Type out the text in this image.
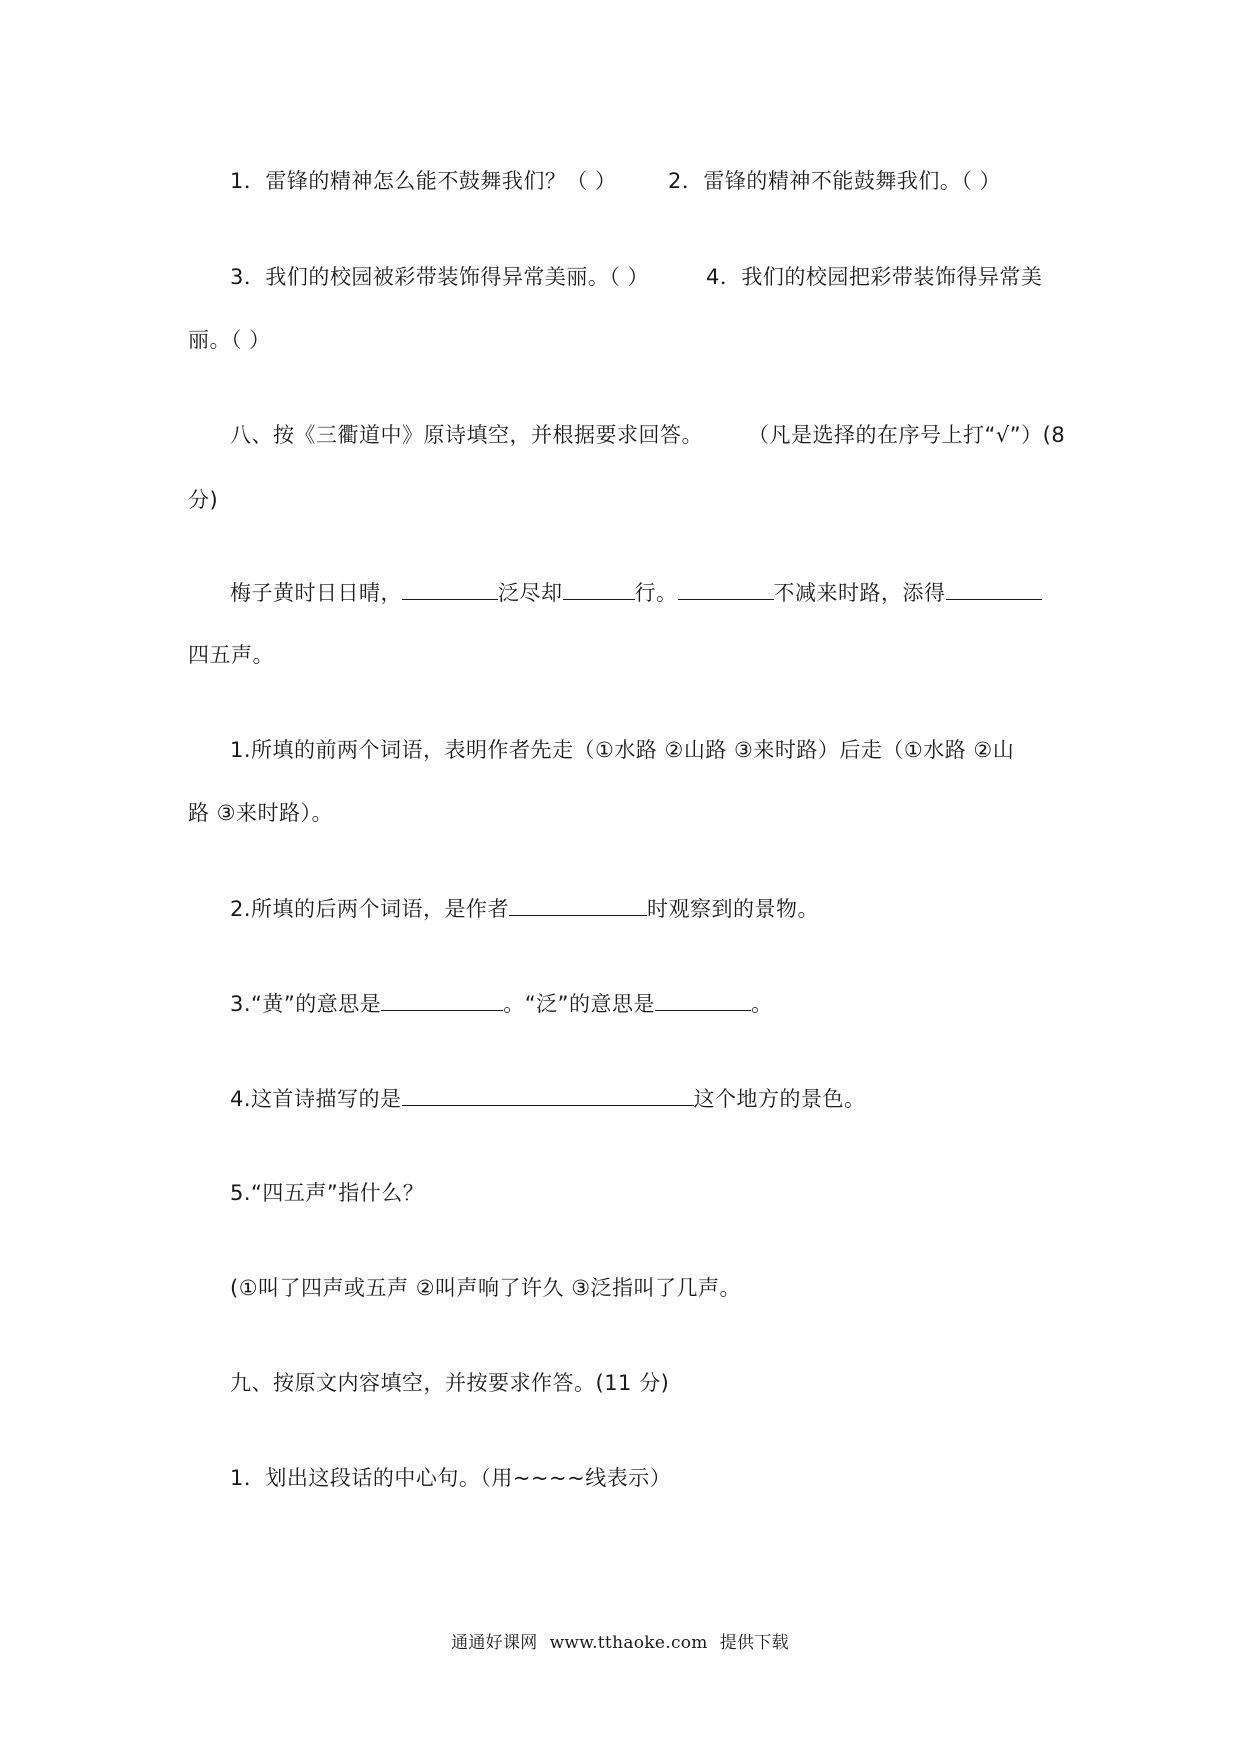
1．雷锋的精神怎么能不鼓舞我们？（ ） 2．雷锋的精神不能鼓舞我们。（ ）
3．我们的校园被彩带装饰得异常美丽。（ ）	4．我们的校园把彩带装饰得异常美
丽。（ ）
八、按《三衢道中》原诗填空，并根据要求回答。 （凡是选择的在序号上打“√”）(8
分)
梅子黄时日日晴，	泛尽却	行。	不减来时路，添得
四五声。
1.所填的前两个词语，表明作者先走（①水路 ②山路 ③来时路）后走（①水路 ②山
路 ③来时路）。
2.所填的后两个词语，是作者	时观察到的景物。
3.“黄”的意思是	。“泛”的意思是	。
4.这首诗描写的是	这个地方的景色。
5.“四五声”指什么？
(①叫了四声或五声 ②叫声响了许久 ③泛指叫了几声。
九、按原文内容填空，并按要求作答。(11 分)
1．划出这段话的中心句。（用~~~~线表示）
通通好课网 www.tthaoke.com 提供下载
